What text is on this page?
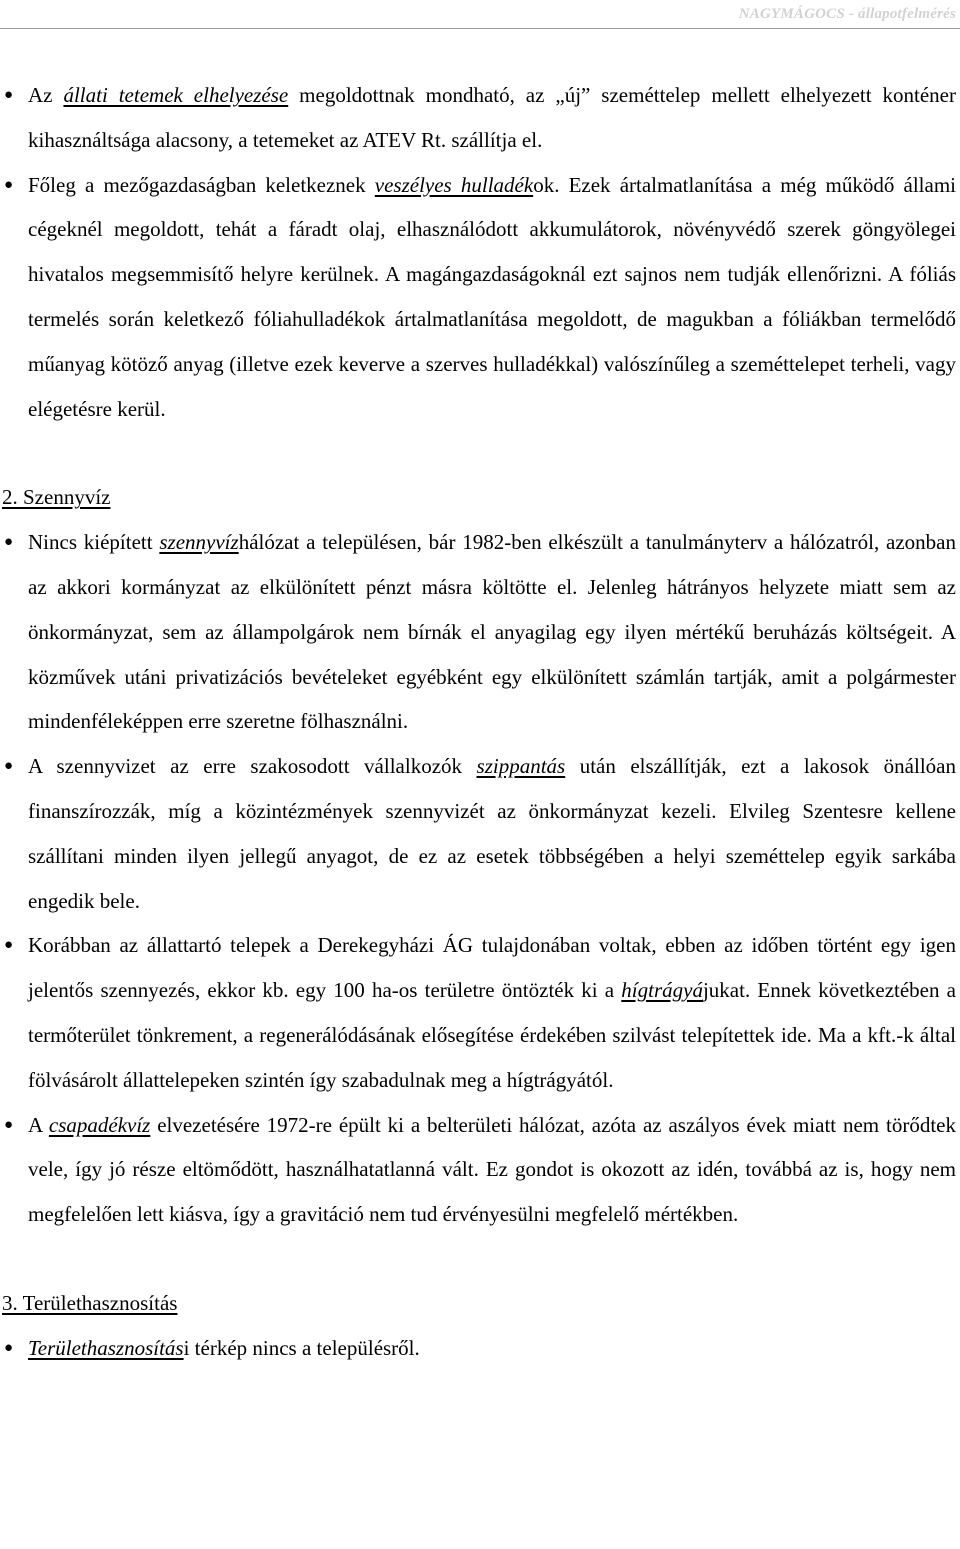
NAGYMÁGOCS - állapotfelmérés
● Az állati tetemek elhelyezése megoldottnak mondható, az „új” szeméttelep mellett elhelyezett konténer kihasználtsága alacsony, a tetemeket az ATEV Rt. szállítja el.
● Főleg a mezőgazdaságban keletkeznek veszélyes hulladékok. Ezek ártalmatlanítása a még működő állami cégeknél megoldott, tehát a fáradt olaj, elhasználódott akkumulátorok, növényvédő szerek göngyölegei hivatalos megsemmisítő helyre kerülnek. A magángazdaságoknál ezt sajnos nem tudják ellenőrizni. A fóliás termelés során keletkező fóliahulladékok ártalmatlanítása megoldott, de magukban a fóliákban termelődő műanyag kötöző anyag (illetve ezek keverve a szerves hulladékkal) valószínűleg a szeméttelepet terheli, vagy elégetésre kerül.
2. Szennyvíz
● Nincs kiépített szennyvízhálózat a településen, bár 1982-ben elkészült a tanulmányterv a hálózatról, azonban az akkori kormányzat az elkülönített pénzt másra költötte el. Jelenleg hátrányos helyzete miatt sem az önkormányzat, sem az állampolgárok nem bírnák el anyagilag egy ilyen mértékű beruházás költségeit. A közművek utáni privatizációs bevételeket egyébként egy elkülönített számlán tartják, amit a polgármester mindenféleképpen erre szeretne fölhasználni.
● A szennyvizet az erre szakosodott vállalkozók szippantás után elszállítják, ezt a lakosok önállóan finanszírozzák, míg a közintézmények szennyvizét az önkormányzat kezeli. Elvileg Szentesre kellene szállítani minden ilyen jellegű anyagot, de ez az esetek többségében a helyi szeméttelep egyik sarkába engedik bele.
● Korábban az állattartó telepek a Derekegyházi ÁG tulajdonában voltak, ebben az időben történt egy igen jelentős szennyezés, ekkor kb. egy 100 ha-os területre öntözték ki a hígtrágyájukat. Ennek következtében a termőterület tönkrement, a regenerálódásának elősegítése érdekében szilvást telepítettek ide. Ma a kft.-k által fölvásárolt állattelepeken szintén így szabadulnak meg a hígtrágyától.
● A csapadékvíz elvezetésére 1972-re épült ki a belterületi hálózat, azóta az aszályos évek miatt nem törődtek vele, így jó része eltömődött, használhatatlanná vált. Ez gondot is okozott az idén, továbbá az is, hogy nem megfelelően lett kiásva, így a gravitáció nem tud érvényesülni megfelelő mértékben.
3. Területhasznosítás
● Területhasznosítási térkép nincs a településről.
